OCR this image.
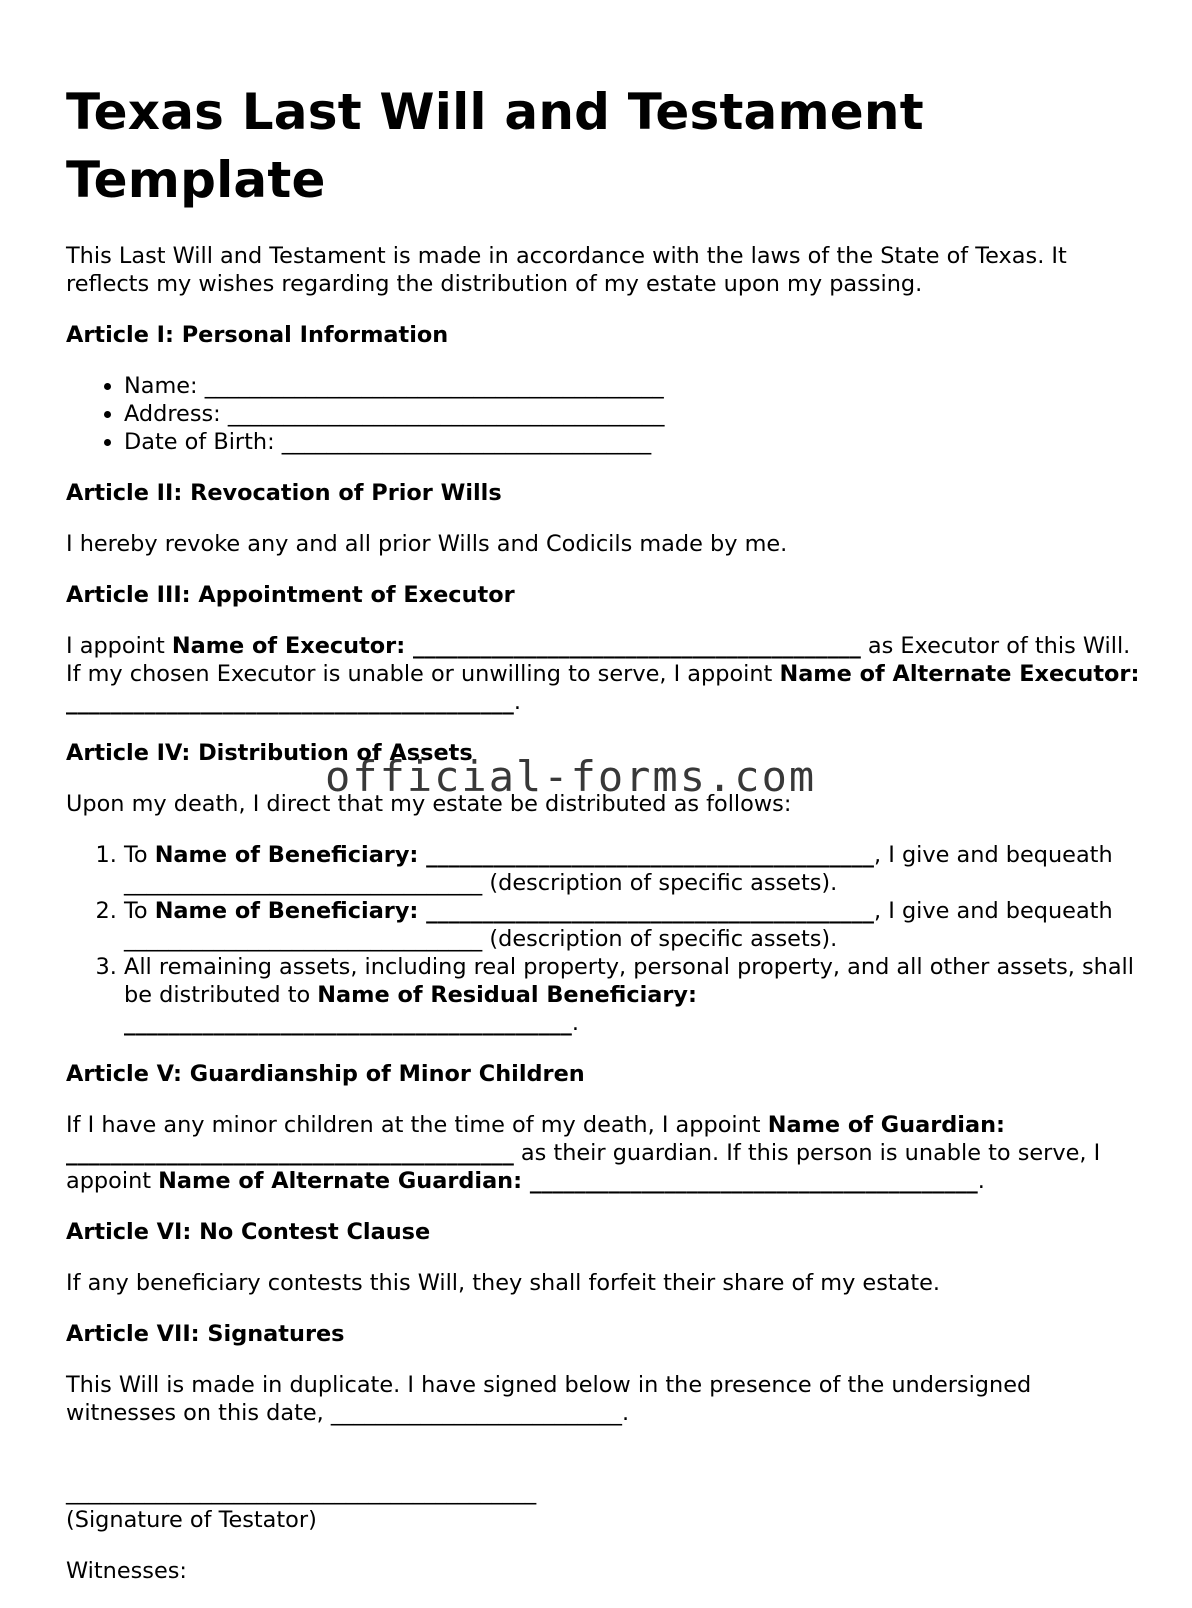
Texas Last Will and Testament Template

This Last Will and Testament is made in accordance with the laws of the State of Texas. It reflects my wishes regarding the distribution of my estate upon my passing.

Article I: Personal Information
• Name: _________________________________________
• Address: _______________________________________
• Date of Birth: _________________________________
Article II: Revocation of Prior Wills

I hereby revoke any and all prior Wills and Codicils made by me.

Article III: Appointment of Executor

I appoint Name of Executor: ________________________________________ as Executor of this Will. If my chosen Executor is unable or unwilling to serve, I appoint Name of Alternate Executor: ________________________________________.

Article IV: Distribution of Assets

Upon my death, I direct that my estate be distributed as follows:

1. To Name of Beneficiary: ________________________________________, I give and bequeath ________________________________ (description of specific assets).
2. To Name of Beneficiary: ________________________________________, I give and bequeath ________________________________ (description of specific assets).
3. All remaining assets, including real property, personal property, and all other assets, shall be distributed to Name of Residual Beneficiary: ________________________________________.
Article V: Guardianship of Minor Children

If I have any minor children at the time of my death, I appoint Name of Guardian: ________________________________________ as their guardian. If this person is unable to serve, I appoint Name of Alternate Guardian: ________________________________________.

Article VI: No Contest Clause

If any beneficiary contests this Will, they shall forfeit their share of my estate.

Article VII: Signatures

This Will is made in duplicate. I have signed below in the presence of the undersigned witnesses on this date, __________________________.

__________________________________________

(Signature of Testator)

Witnesses:

official-forms.com
